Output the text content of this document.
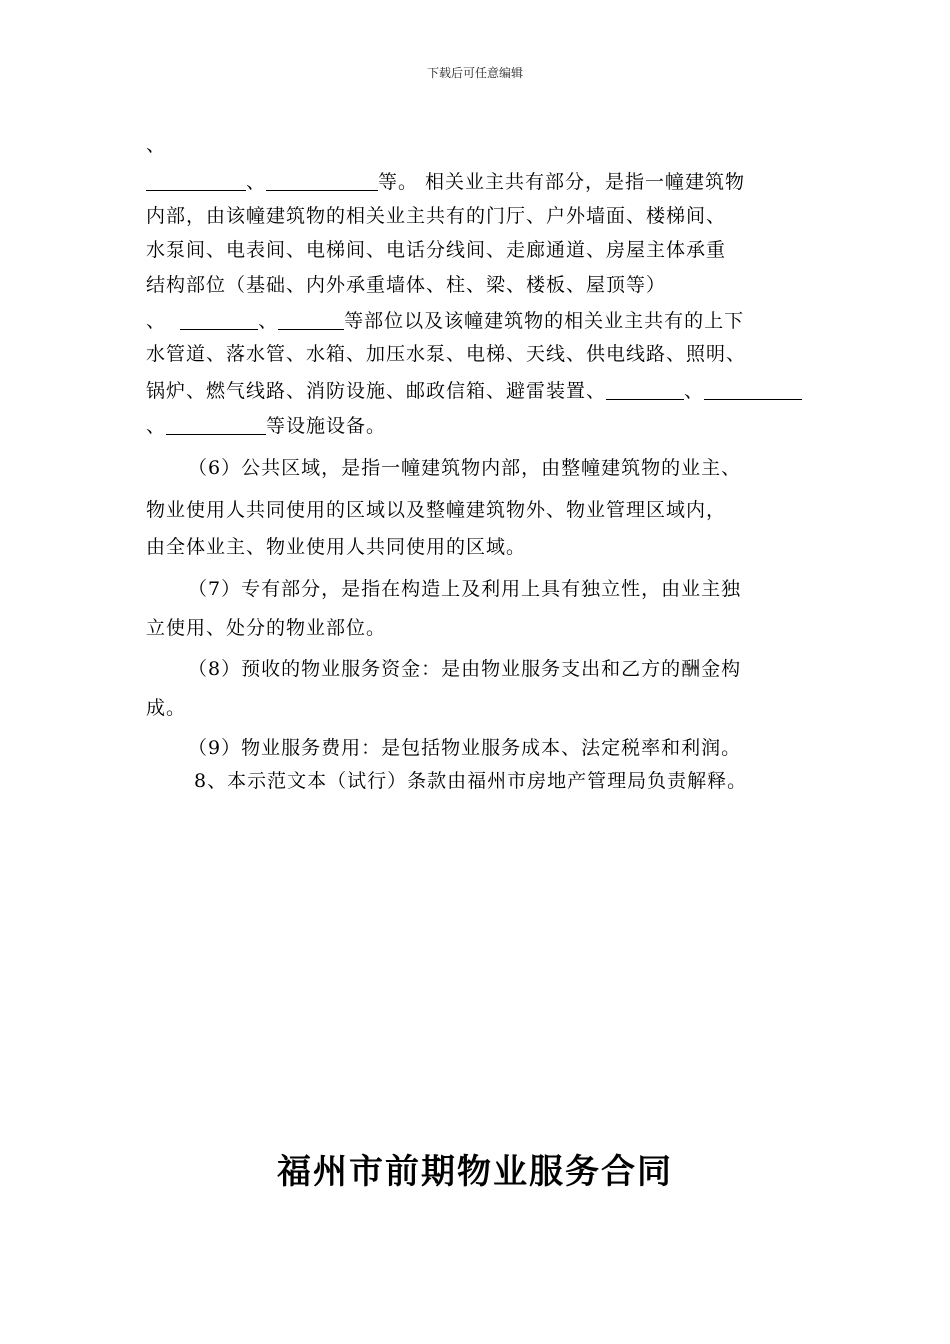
下载后可任意编辑
、
、	等。 相关业主共有部分，是指一幢建筑物
内部，由该幢建筑物的相关业主共有的门厅、户外墙面、楼梯间、
水泵间、电表间、电梯间、电话分线间、走廊通道、房屋主体承重
结构部位（基础、内外承重墙体、柱、梁、楼板、屋顶等）
、	、	等部位以及该幢建筑物的相关业主共有的上下
水管道、落水管、水箱、加压水泵、电梯、天线、供电线路、照明、
锅炉、燃气线路、消防设施、邮政信箱、避雷装置、	、
、	等设施设备。
（6）公共区域，是指一幢建筑物内部，由整幢建筑物的业主、
物业使用人共同使用的区域以及整幢建筑物外、物业管理区域内，
由全体业主、物业使用人共同使用的区域。
（7）专有部分，是指在构造上及利用上具有独立性，由业主独
立使用、处分的物业部位。
（8）预收的物业服务资金：是由物业服务支出和乙方的酬金构
成。
（9）物业服务费用：是包括物业服务成本、法定税率和利润。
8、本示范文本（试行）条款由福州市房地产管理局负责解释。
福州市前期物业服务合同
